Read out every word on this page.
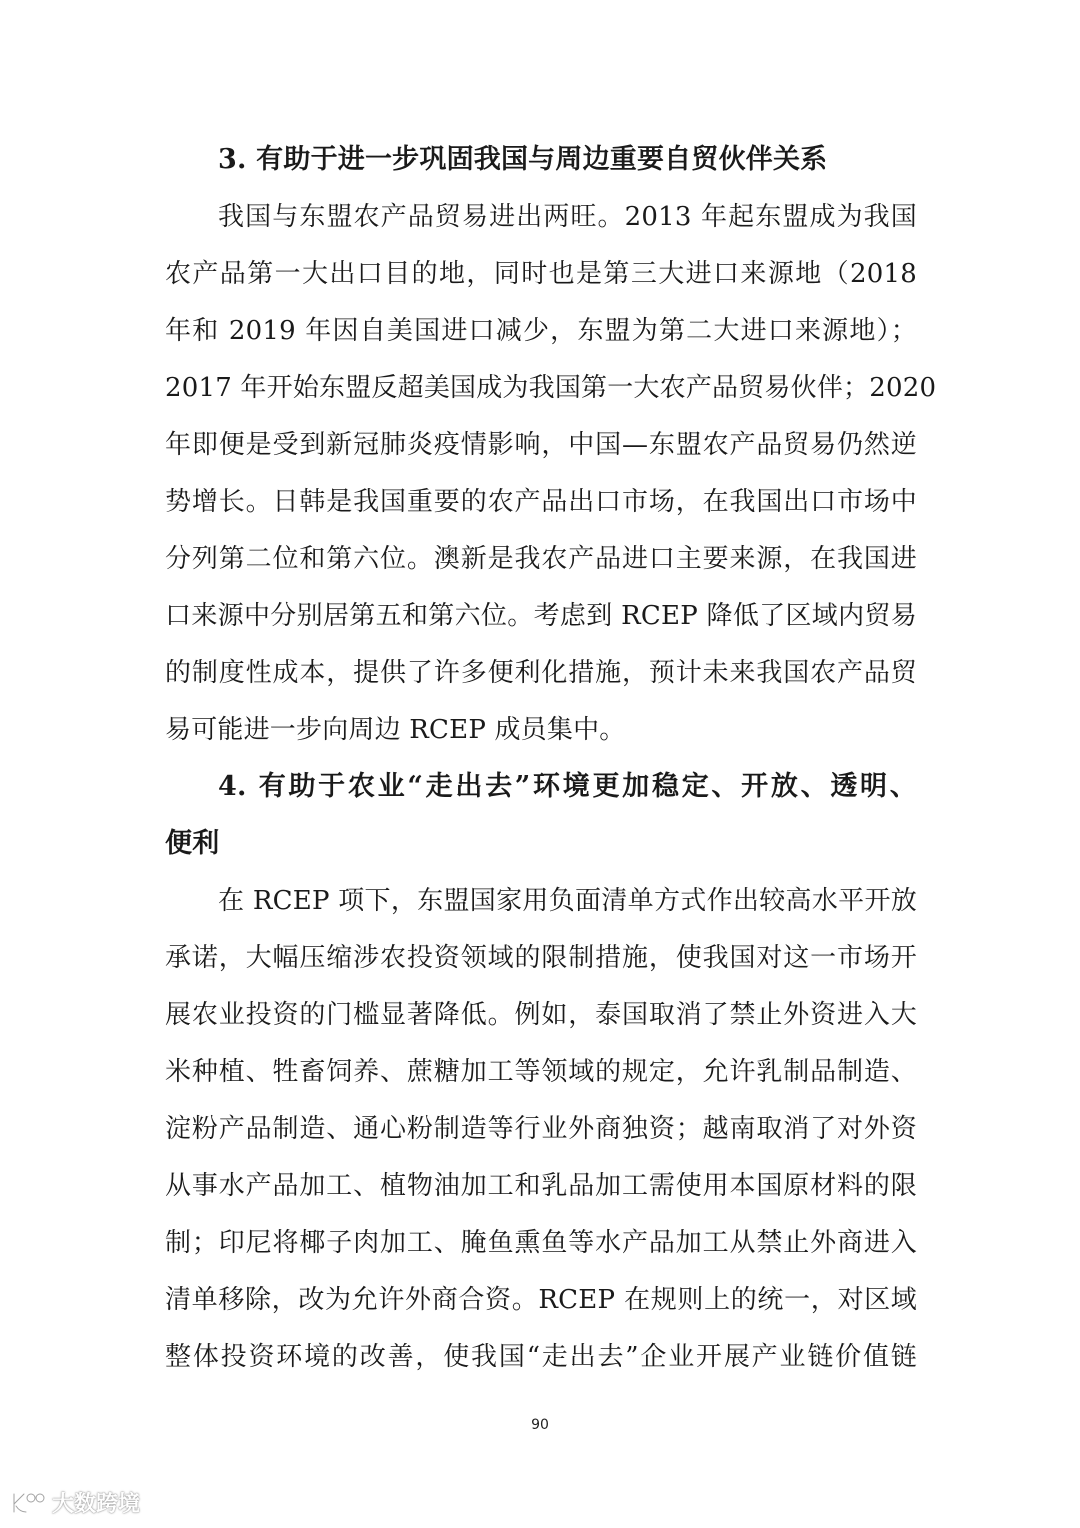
3. 有助于进一步巩固我国与周边重要自贸伙伴关系
我国与东盟农产品贸易进出两旺。2013 年起东盟成为我国
农产品第一大出口目的地，同时也是第三大进口来源地（2018
年和 2019 年因自美国进口减少，东盟为第二大进口来源地）；
2017 年开始东盟反超美国成为我国第一大农产品贸易伙伴；2020
年即便是受到新冠肺炎疫情影响，中国—东盟农产品贸易仍然逆
势增长。日韩是我国重要的农产品出口市场，在我国出口市场中
分列第二位和第六位。澳新是我农产品进口主要来源，在我国进
口来源中分别居第五和第六位。考虑到 RCEP 降低了区域内贸易
的制度性成本，提供了许多便利化措施，预计未来我国农产品贸
易可能进一步向周边 RCEP 成员集中。
4. 有助于农业“走出去”环境更加稳定、开放、透明、
便利
在 RCEP 项下，东盟国家用负面清单方式作出较高水平开放
承诺，大幅压缩涉农投资领域的限制措施，使我国对这一市场开
展农业投资的门槛显著降低。例如，泰国取消了禁止外资进入大
米种植、牲畜饲养、蔗糖加工等领域的规定，允许乳制品制造、
淀粉产品制造、通心粉制造等行业外商独资；越南取消了对外资
从事水产品加工、植物油加工和乳品加工需使用本国原材料的限
制；印尼将椰子肉加工、腌鱼熏鱼等水产品加工从禁止外商进入
清单移除，改为允许外商合资。RCEP 在规则上的统一，对区域
整体投资环境的改善，使我国“走出去”企业开展产业链价值链
90
大数跨境
